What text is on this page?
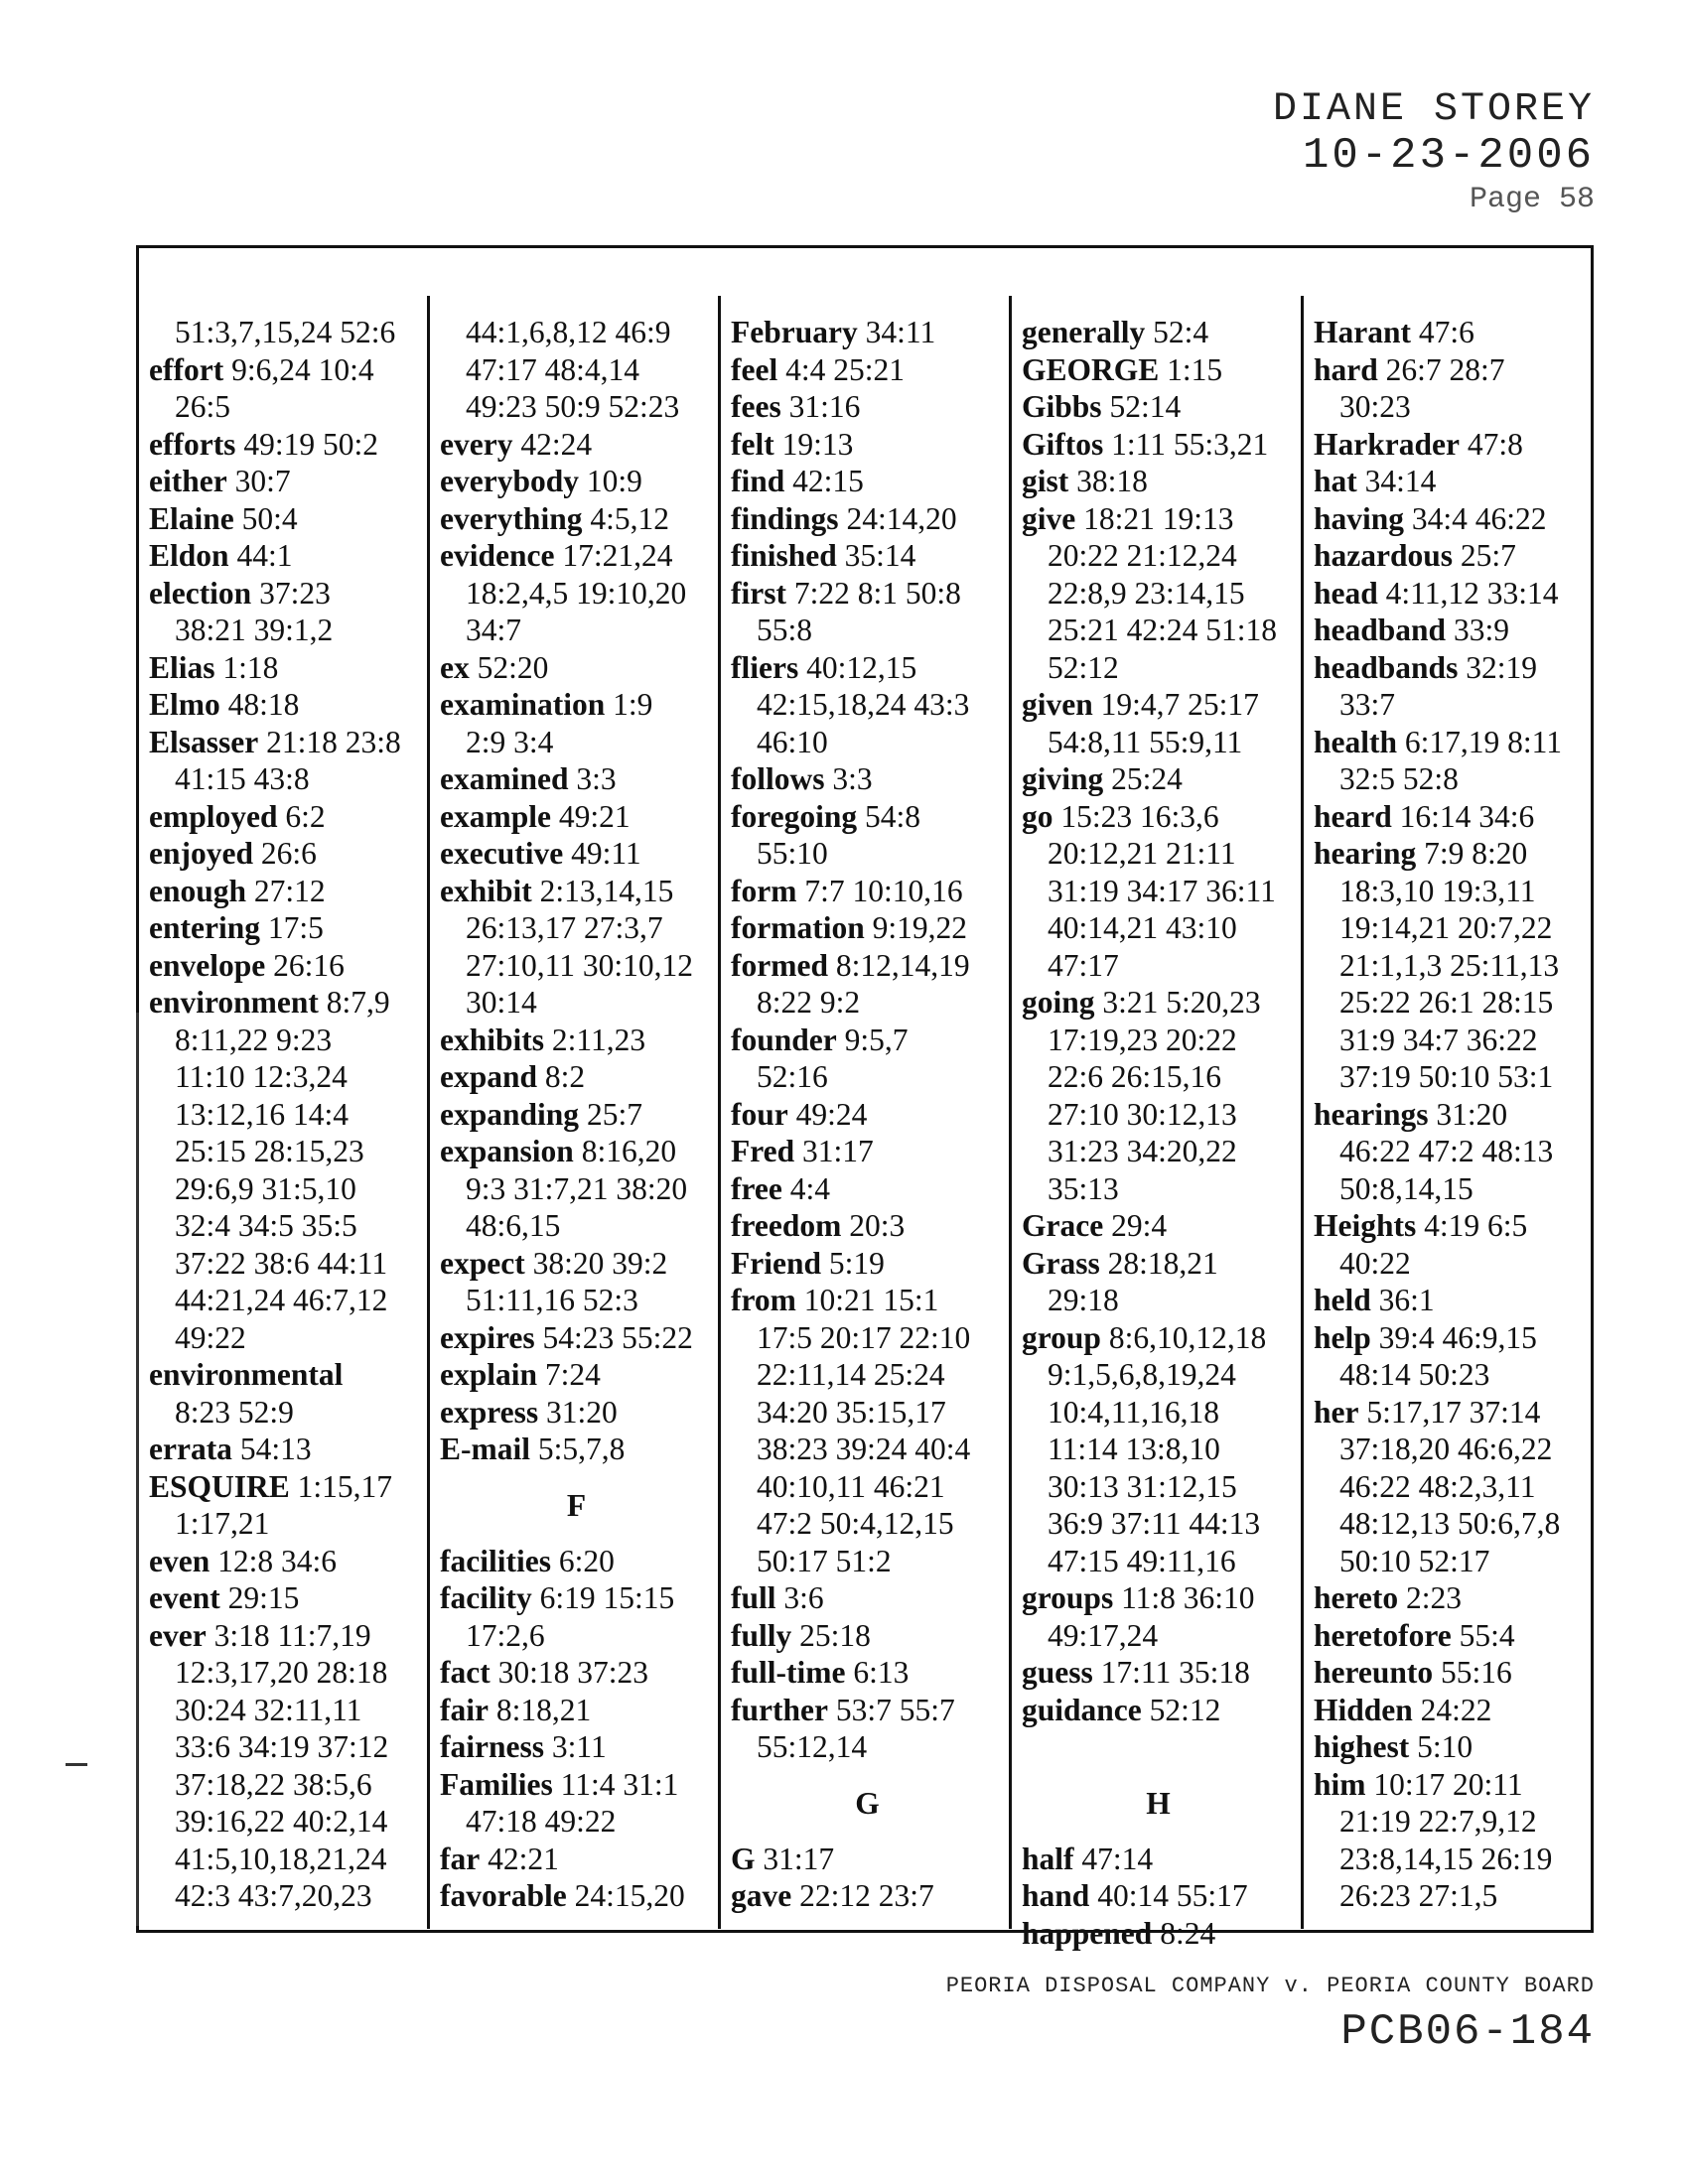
DIANE STOREY
10-23-2006
Page 58
51:3,7,15,24 52:6
effort 9:6,24 10:4
26:5
efforts 49:19 50:2
either 30:7
Elaine 50:4
Eldon 44:1
election 37:23
38:21 39:1,2
Elias 1:18
Elmo 48:18
Elsasser 21:18 23:8
41:15 43:8
employed 6:2
enjoyed 26:6
enough 27:12
entering 17:5
envelope 26:16
environment 8:7,9
8:11,22 9:23
11:10 12:3,24
13:12,16 14:4
25:15 28:15,23
29:6,9 31:5,10
32:4 34:5 35:5
37:22 38:6 44:11
44:21,24 46:7,12
49:22
environmental
8:23 52:9
errata 54:13
ESQUIRE 1:15,17
1:17,21
even 12:8 34:6
event 29:15
ever 3:18 11:7,19
12:3,17,20 28:18
30:24 32:11,11
33:6 34:19 37:12
37:18,22 38:5,6
39:16,22 40:2,14
41:5,10,18,21,24
42:3 43:7,20,23
44:1,6,8,12 46:9
47:17 48:4,14
49:23 50:9 52:23
every 42:24
everybody 10:9
everything 4:5,12
evidence 17:21,24
18:2,4,5 19:10,20
34:7
ex 52:20
examination 1:9
2:9 3:4
examined 3:3
example 49:21
executive 49:11
exhibit 2:13,14,15
26:13,17 27:3,7
27:10,11 30:10,12
30:14
exhibits 2:11,23
expand 8:2
expanding 25:7
expansion 8:16,20
9:3 31:7,21 38:20
48:6,15
expect 38:20 39:2
51:11,16 52:3
expires 54:23 55:22
explain 7:24
express 31:20
E-mail 5:5,7,8
F
facilities 6:20
facility 6:19 15:15
17:2,6
fact 30:18 37:23
fair 8:18,21
fairness 3:11
Families 11:4 31:1
47:18 49:22
far 42:21
favorable 24:15,20
February 34:11
feel 4:4 25:21
fees 31:16
felt 19:13
find 42:15
findings 24:14,20
finished 35:14
first 7:22 8:1 50:8
55:8
fliers 40:12,15
42:15,18,24 43:3
46:10
follows 3:3
foregoing 54:8
55:10
form 7:7 10:10,16
formation 9:19,22
formed 8:12,14,19
8:22 9:2
founder 9:5,7
52:16
four 49:24
Fred 31:17
free 4:4
freedom 20:3
Friend 5:19
from 10:21 15:1
17:5 20:17 22:10
22:11,14 25:24
34:20 35:15,17
38:23 39:24 40:4
40:10,11 46:21
47:2 50:4,12,15
50:17 51:2
full 3:6
fully 25:18
full-time 6:13
further 53:7 55:7
55:12,14
G
G 31:17
gave 22:12 23:7
generally 52:4
GEORGE 1:15
Gibbs 52:14
Giftos 1:11 55:3,21
gist 38:18
give 18:21 19:13
20:22 21:12,24
22:8,9 23:14,15
25:21 42:24 51:18
52:12
given 19:4,7 25:17
54:8,11 55:9,11
giving 25:24
go 15:23 16:3,6
20:12,21 21:11
31:19 34:17 36:11
40:14,21 43:10
47:17
going 3:21 5:20,23
17:19,23 20:22
22:6 26:15,16
27:10 30:12,13
31:23 34:20,22
35:13
Grace 29:4
Grass 28:18,21
29:18
group 8:6,10,12,18
9:1,5,6,8,19,24
10:4,11,16,18
11:14 13:8,10
30:13 31:12,15
36:9 37:11 44:13
47:15 49:11,16
groups 11:8 36:10
49:17,24
guess 17:11 35:18
guidance 52:12
H
half 47:14
hand 40:14 55:17
happened 8:24
Harant 47:6
hard 26:7 28:7
30:23
Harkrader 47:8
hat 34:14
having 34:4 46:22
hazardous 25:7
head 4:11,12 33:14
headband 33:9
headbands 32:19
33:7
health 6:17,19 8:11
32:5 52:8
heard 16:14 34:6
hearing 7:9 8:20
18:3,10 19:3,11
19:14,21 20:7,22
21:1,1,3 25:11,13
25:22 26:1 28:15
31:9 34:7 36:22
37:19 50:10 53:1
hearings 31:20
46:22 47:2 48:13
50:8,14,15
Heights 4:19 6:5
40:22
held 36:1
help 39:4 46:9,15
48:14 50:23
her 5:17,17 37:14
37:18,20 46:6,22
46:22 48:2,3,11
48:12,13 50:6,7,8
50:10 52:17
hereto 2:23
heretofore 55:4
hereunto 55:16
Hidden 24:22
highest 5:10
him 10:17 20:11
21:19 22:7,9,12
23:8,14,15 26:19
26:23 27:1,5
PEORIA DISPOSAL COMPANY v. PEORIA COUNTY BOARD
PCB06-184
